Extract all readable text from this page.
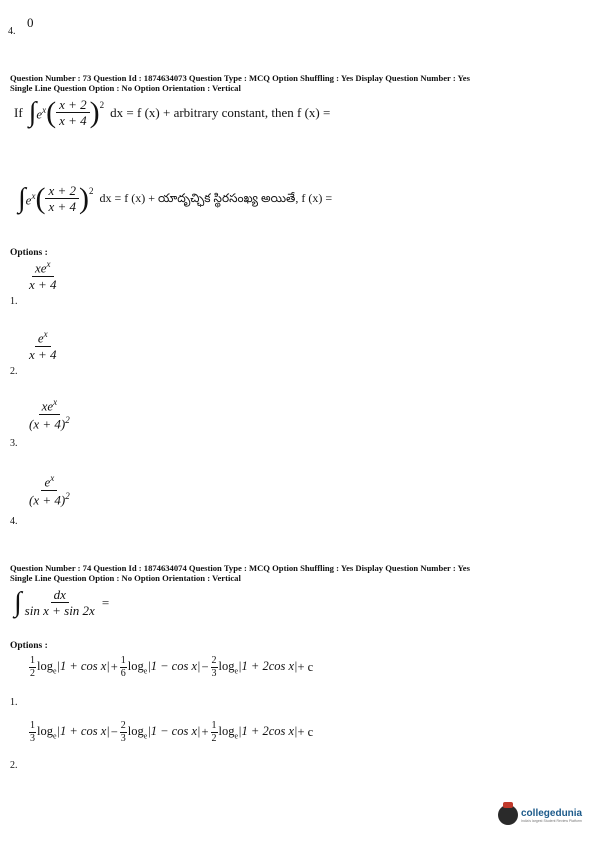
4.
0
Question Number : 73 Question Id : 1874634073 Question Type : MCQ Option Shuffling : Yes Display Question Number : Yes
Single Line Question Option : No Option Orientation : Vertical
If ∫ $e^x$ ( $\frac{x + 2}{x + 4} )^2$
dx = f (x) + arbitrary constant, then f (x) =
∫ $e^x$ ( $\frac{x + 2}{x + 4} )^2$ dx = f (x) + యాదృచ్ఛిక స్థిరసంఖ్య అయితే, f (x) =
Options :
$\frac{xe^x}{x + 4}$
1.
$\frac{e^x}{x + 4}$
2.
$\frac{xe^x}{(x + 4)^2}$
3.
$\frac{e^x}{(x + 4)^2}$
4.
Question Number : 74 Question Id : 1874634074 Question Type : MCQ Option Shuffling : Yes Display Question Number : Yes
Single Line Question Option : No Option Orientation : Vertical
∫ $\frac{dx}{\text{sin x + sin 2x}}$ =
Options :
1
2 $\log_e|1 + \cos x| + \frac{1}{6} \log_e|1 - \cos x| - \frac{2}{3} \log_e|1 + 2\cos$ x| + c
1.
1
3 $\log_e|1 + \cos x| - \frac{2}{3} \log_e|1 - \cos x| + \frac{1}{2} \log_e|1 + 2\cos$ x| + c
2.
collegedunia
India's largest Student Review Platform
